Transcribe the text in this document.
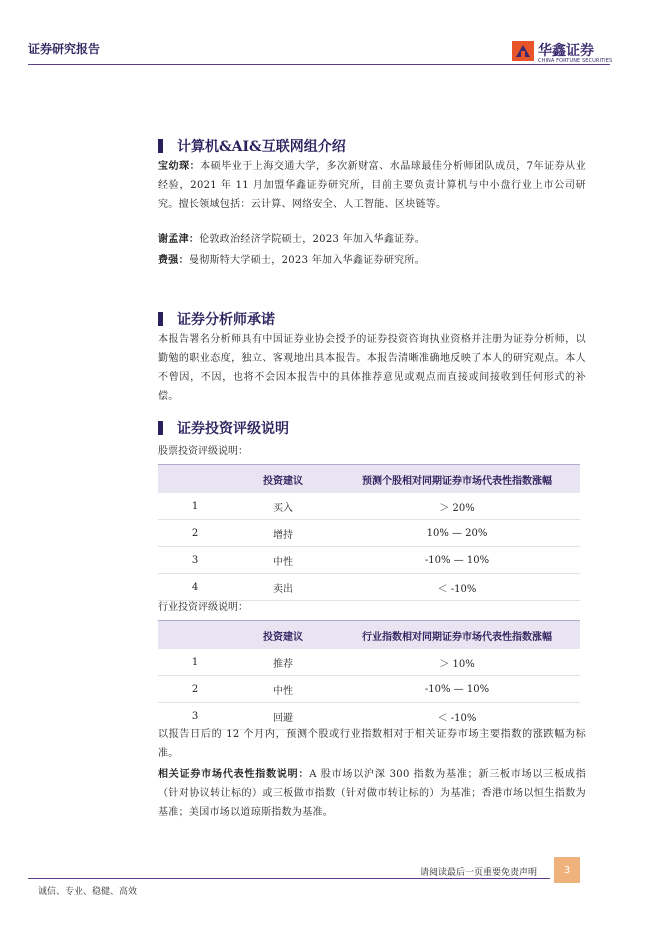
证券研究报告	华鑫证券
CHINA FORTUNE SECURITIES
计算机&AI&互联网组介绍
宝幼琛：本硕毕业于上海交通大学，多次新财富、水晶球最佳分析师团队成员，7年证券从业经验，2021 年 11 月加盟华鑫证券研究所，目前主要负责计算机与中小盘行业上市公司研究。擅长领域包括：云计算、网络安全、人工智能、区块链等。
谢孟津：伦敦政治经济学院硕士，2023 年加入华鑫证券。
费强：曼彻斯特大学硕士，2023 年加入华鑫证券研究所。
证券分析师承诺
本报告署名分析师具有中国证券业协会授予的证券投资咨询执业资格并注册为证券分析师，以勤勉的职业态度，独立、客观地出具本报告。本报告清晰准确地反映了本人的研究观点。本人不曾因，不因，也将不会因本报告中的具体推荐意见或观点而直接或间接收到任何形式的补偿。
证券投资评级说明
股票投资评级说明：
	投资建议	预测个股相对同期证券市场代表性指数涨幅
1	买入	＞ 20%
2	增持	10% — 20%
3	中性	-10% — 10%
4	卖出	＜ -10%
行业投资评级说明：
	投资建议	行业指数相对同期证券市场代表性指数涨幅
1	推荐	＞ 10%
2	中性	-10% — 10%
3	回避	＜ -10%
以报告日后的 12 个月内，预测个股或行业指数相对于相关证券市场主要指数的涨跌幅为标准。
相关证券市场代表性指数说明：A 股市场以沪深 300 指数为基准；新三板市场以三板成指（针对协议转让标的）或三板做市指数（针对做市转让标的）为基准；香港市场以恒生指数为基准；美国市场以道琼斯指数为基准。
请阅读最后一页重要免责声明	3
诚信、专业、稳健、高效
